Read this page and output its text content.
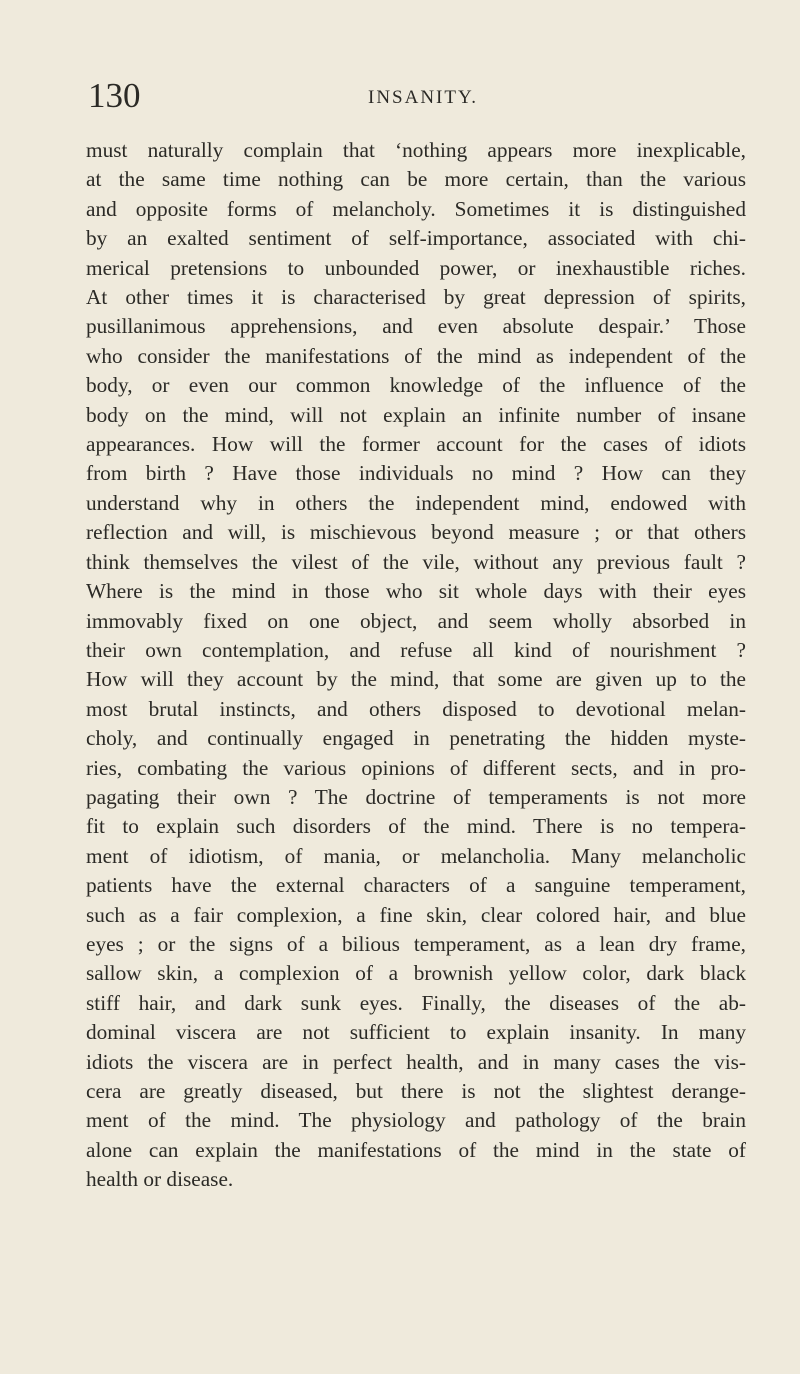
130	INSANITY.
must naturally complain that ‘nothing appears more inexplicable,
at the same time nothing can be more certain, than the various
and opposite forms of melancholy. Sometimes it is distinguished
by an exalted sentiment of self-importance, associated with chi-
merical pretensions to unbounded power, or inexhaustible riches.
At other times it is characterised by great depression of spirits,
pusillanimous apprehensions, and even absolute despair.’ Those
who consider the manifestations of the mind as independent of the
body, or even our common knowledge of the influence of the
body on the mind, will not explain an infinite number of insane
appearances. How will the former account for the cases of idiots
from birth ? Have those individuals no mind ? How can they
understand why in others the independent mind, endowed with
reflection and will, is mischievous beyond measure ; or that others
think themselves the vilest of the vile, without any previous fault ?
Where is the mind in those who sit whole days with their eyes
immovably fixed on one object, and seem wholly absorbed in
their own contemplation, and refuse all kind of nourishment ?
How will they account by the mind, that some are given up to the
most brutal instincts, and others disposed to devotional melan-
choly, and continually engaged in penetrating the hidden myste-
ries, combating the various opinions of different sects, and in pro-
pagating their own ? The doctrine of temperaments is not more
fit to explain such disorders of the mind. There is no tempera-
ment of idiotism, of mania, or melancholia. Many melancholic
patients have the external characters of a sanguine temperament,
such as a fair complexion, a fine skin, clear colored hair, and blue
eyes ; or the signs of a bilious temperament, as a lean dry frame,
sallow skin, a complexion of a brownish yellow color, dark black
stiff hair, and dark sunk eyes. Finally, the diseases of the ab-
dominal viscera are not sufficient to explain insanity. In many
idiots the viscera are in perfect health, and in many cases the vis-
cera are greatly diseased, but there is not the slightest derange-
ment of the mind. The physiology and pathology of the brain
alone can explain the manifestations of the mind in the state of
health or disease.
